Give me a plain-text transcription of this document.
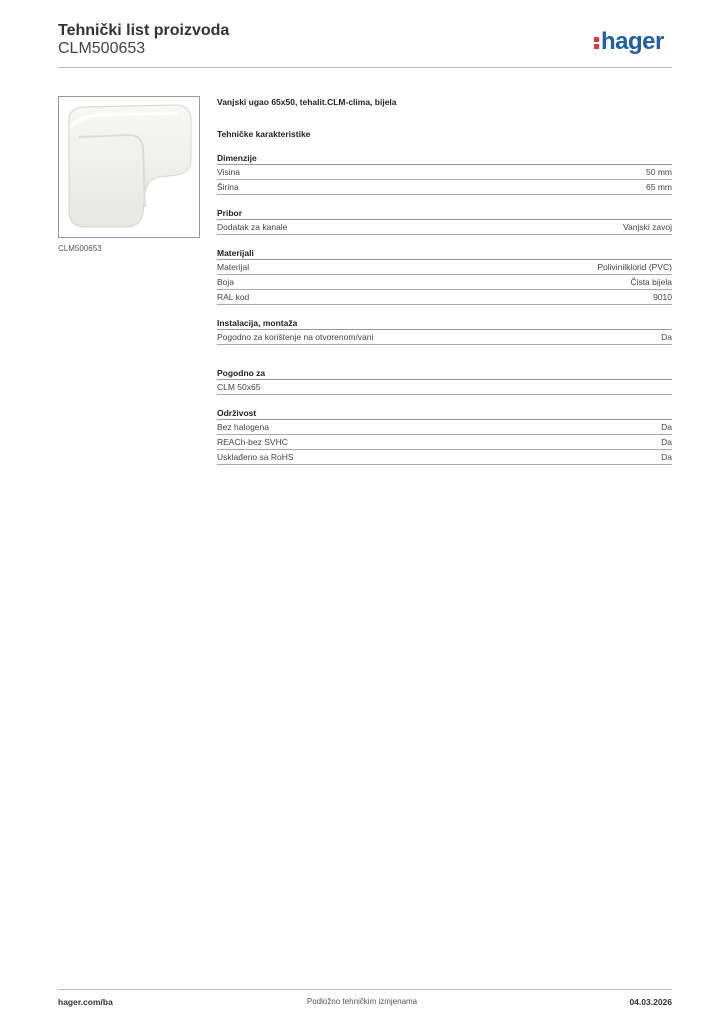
Tehnički list proizvoda
CLM500653	hager
CLM500653
Vanjski ugao 65x50, tehalit.CLM-clima, bijela
Tehničke karakteristike
Dimenzije
Visina	50 mm
Širina	65 mm
Pribor
Dodatak za kanale	Vanjski zavoj
Materijali
Materijal	Polivinilklorid (PVC)
Boja	Čista bijela
RAL kod	9010
Instalacija, montaža
Pogodno za korištenje na otvorenom/vani	Da
Pogodno za
CLM 50x65
Održivost
Bez halogena	Da
REACh-bez SVHC	Da
Usklađeno sa RoHS	Da
hager.com/ba	Podložno tehničkim izmjenama	04.03.2026
